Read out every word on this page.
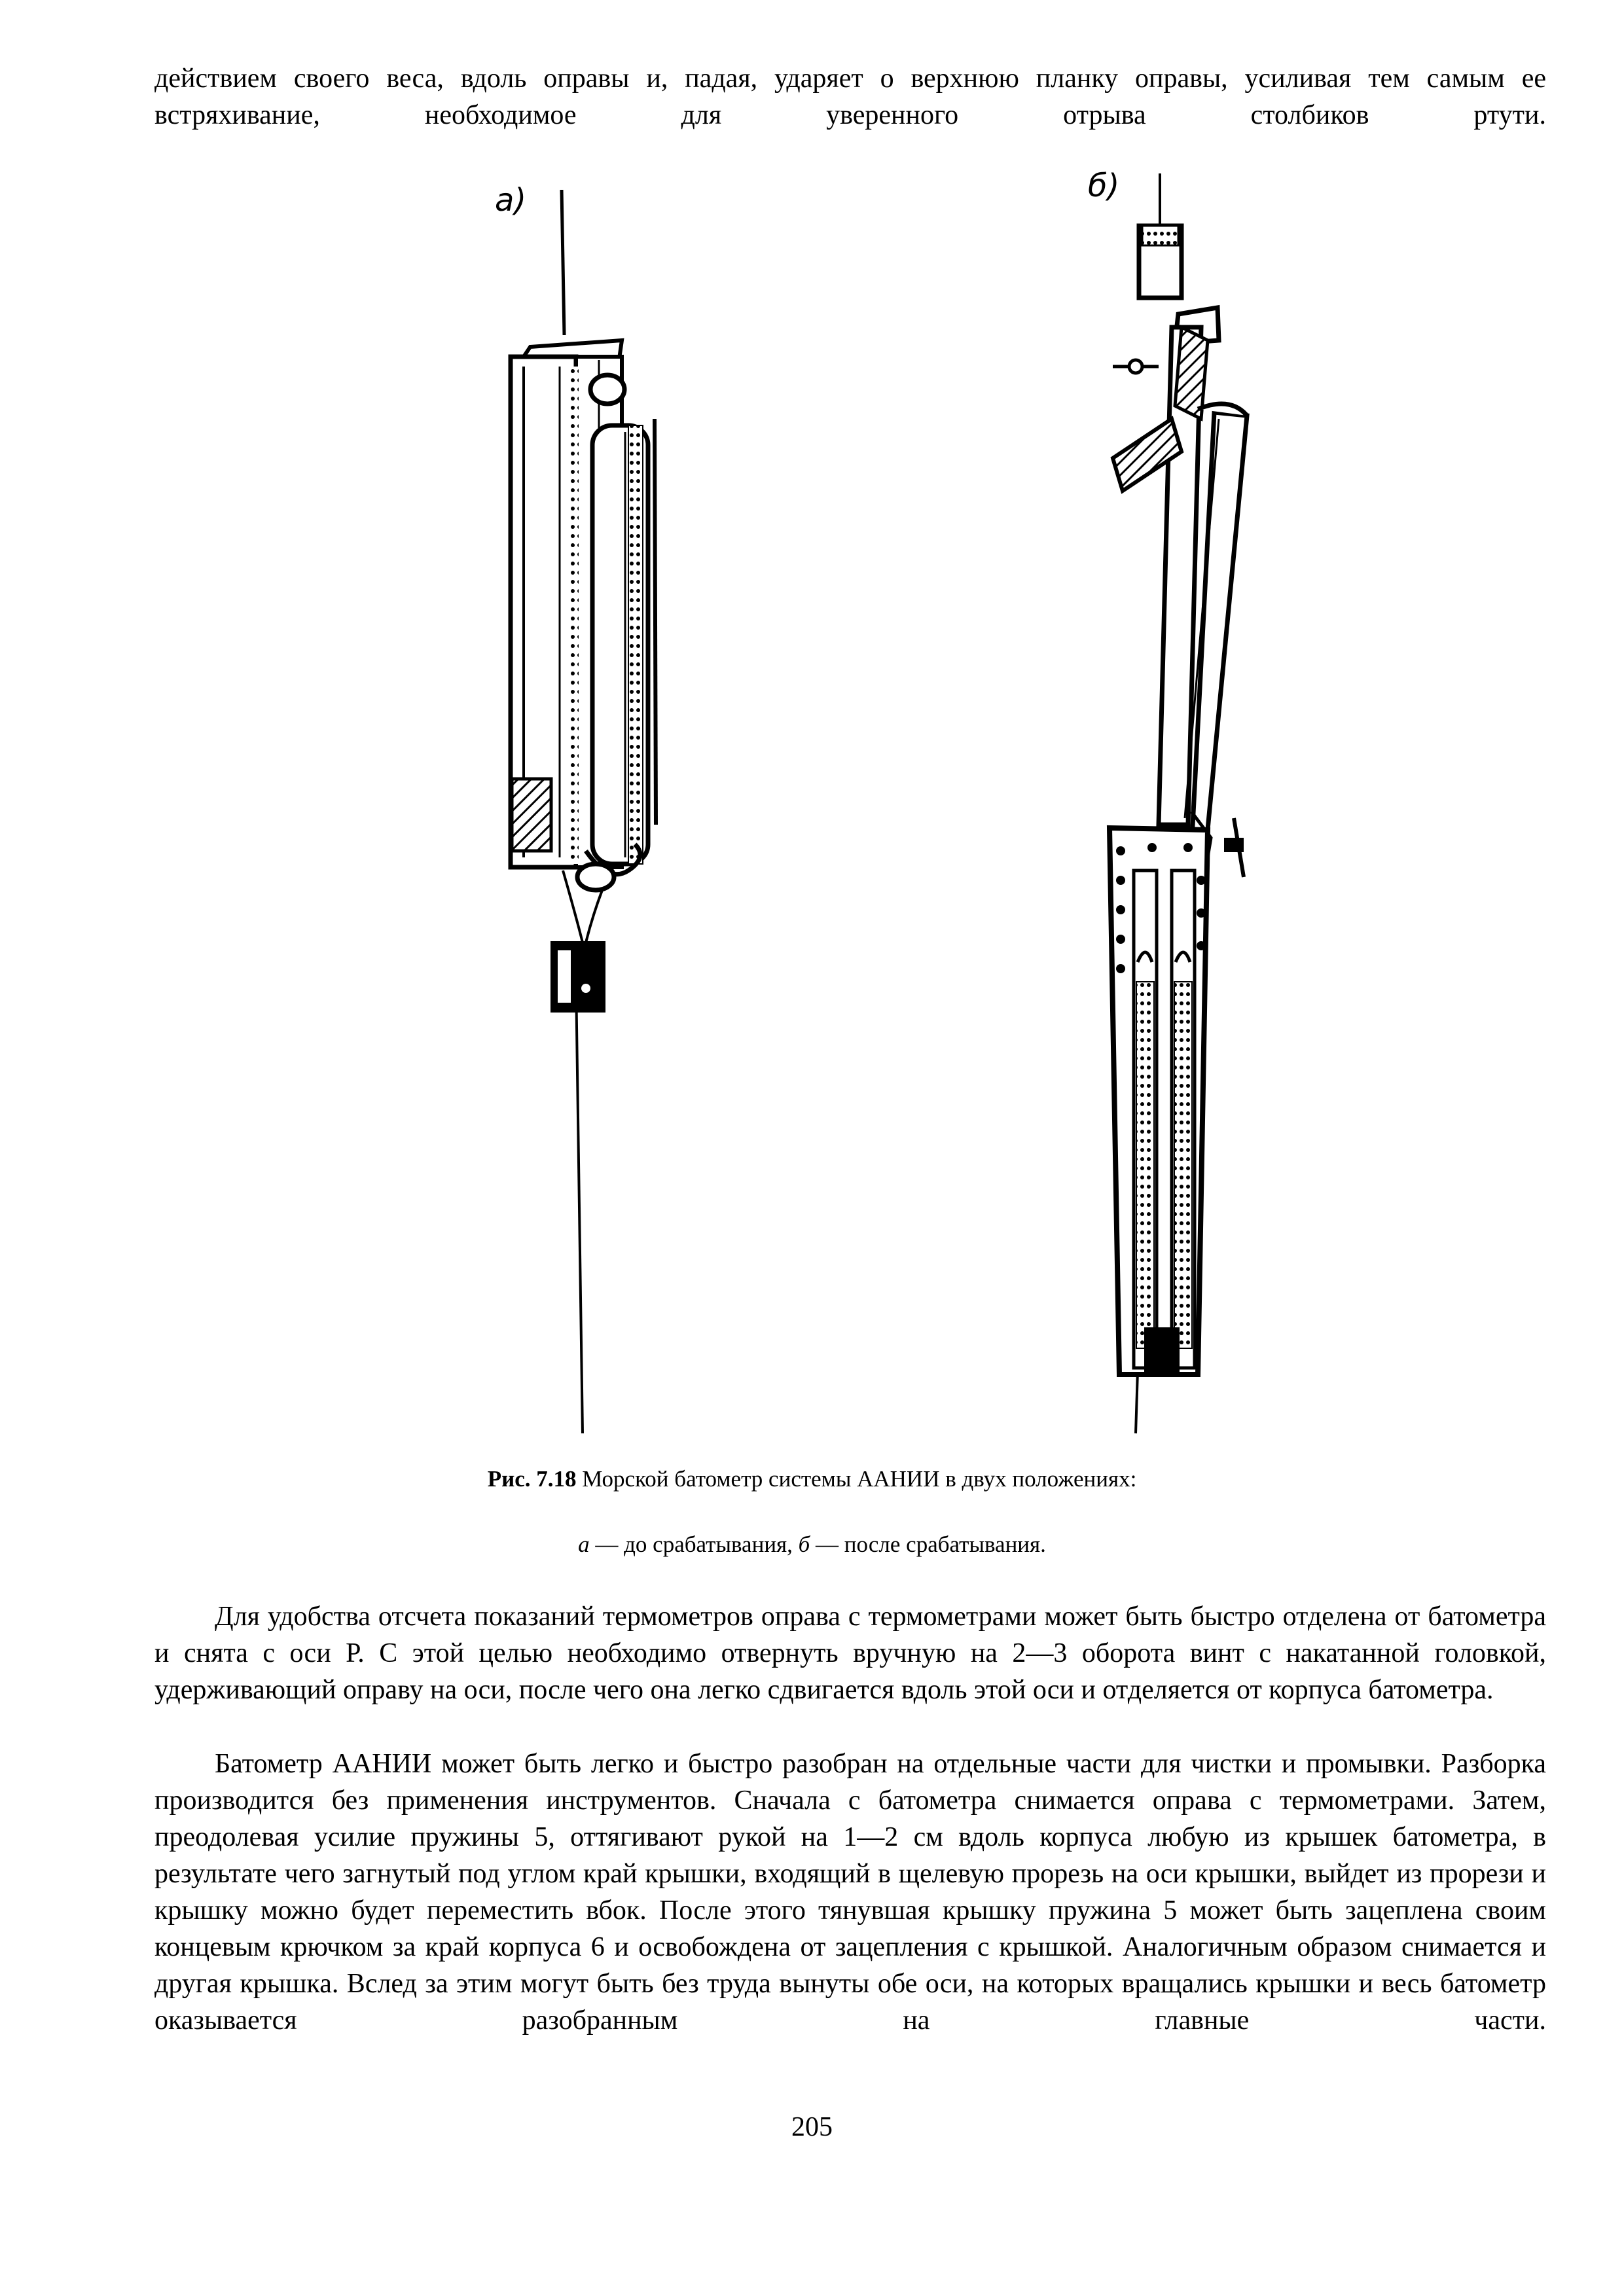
действием своего веса, вдоль оправы и, падая, ударяет о верхнюю планку оправы, усиливая тем самым ее встряхивание, необходимое для уверенного отрыва столбиков ртути.

а)	б)

Рис. 7.18 Морской батометр системы ААНИИ в двух положениях:

а — до срабатывания, б — после срабатывания.

Для удобства отсчета показаний термометров оправа с термометрами может быть быстро отделена от батометра и снята с оси Р. С этой целью необходимо отвернуть вручную на 2—3 оборота винт с накатанной головкой, удерживающий оправу на оси, после чего она легко сдвигается вдоль этой оси и отделяется от корпуса батометра.

Батометр ААНИИ может быть легко и быстро разобран на отдельные части для чистки и промывки. Разборка производится без применения инструментов. Сначала с батометра снимается оправа с термометрами. Затем, преодолевая усилие пружины 5, оттягивают рукой на 1—2 см вдоль корпуса любую из крышек батометра, в результате чего загнутый под углом край крышки, входящий в щелевую прорезь на оси крышки, выйдет из прорези и крышку можно будет переместить вбок. После этого тянувшая крышку пружина 5 может быть зацеплена своим концевым крючком за край корпуса 6 и освобождена от зацепления с крышкой. Аналогичным образом снимается и другая крышка. Вслед за этим могут быть без труда вынуты обе оси, на которых вращались крышки и весь батометр оказывается разобранным на главные части.

205
